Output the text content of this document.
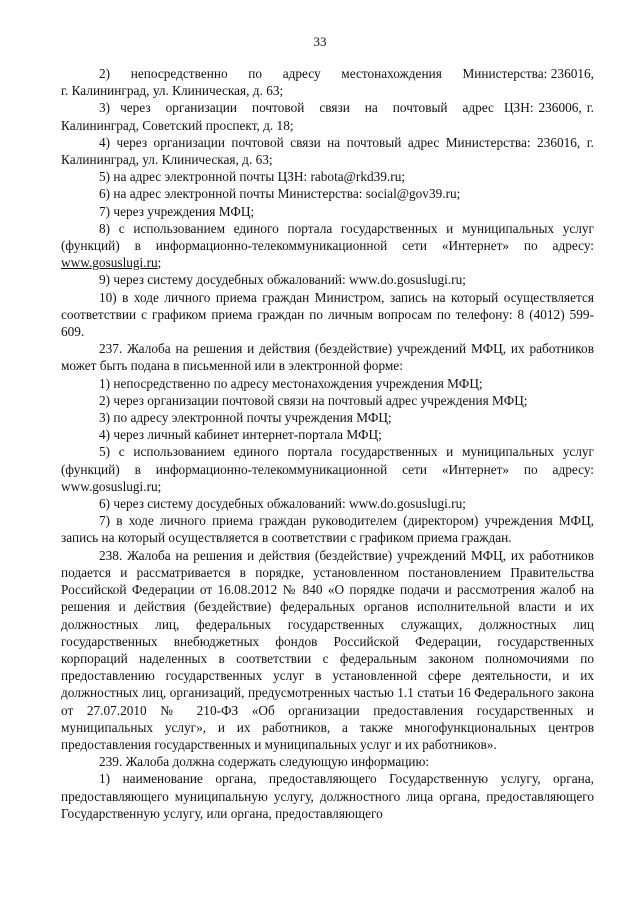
33

2)      непосредственно      по      адресу      местонахождения      Министерства: 236016, г. Калининград, ул. Клиническая, д. 63;

3)  через   организации   почтовой   связи   на   почтовый   адрес  ЦЗН: 236006, г. Калининград, Советский проспект, д. 18;

4) через организации почтовой связи на почтовый адрес Министерства: 236016, г. Калининград, ул. Клиническая, д. 63;

5) на адрес электронной почты ЦЗН: rabota@rkd39.ru;

6) на адрес электронной почты Министерства: social@gov39.ru;

7) через учреждения МФЦ;

8) с использованием единого портала государственных и муниципальных услуг (функций) в информационно-телекоммуникационной сети «Интернет» по адресу: www.gosuslugi.ru;

9) через систему досудебных обжалований: www.do.gosuslugi.ru;

10) в ходе личного приема граждан Министром, запись на который осуществляется соответствии с графиком приема граждан по личным вопросам по телефону: 8 (4012) 599-609.

237. Жалоба на решения и действия (бездействие) учреждений МФЦ, их работников может быть подана в письменной или в электронной форме:

1) непосредственно по адресу местонахождения учреждения МФЦ;

2) через организации почтовой связи на почтовый адрес учреждения МФЦ;

3) по адресу электронной почты учреждения МФЦ;

4) через личный кабинет интернет-портала МФЦ;

5) с использованием единого портала государственных и муниципальных услуг (функций) в информационно-телекоммуникационной сети «Интернет» по адресу: www.gosuslugi.ru;

6) через систему досудебных обжалований: www.do.gosuslugi.ru;

7) в ходе личного приема граждан руководителем (директором) учреждения МФЦ, запись на который осуществляется в соответствии с графиком приема граждан.

238. Жалоба на решения и действия (бездействие) учреждений МФЦ, их работников подается и рассматривается в порядке, установленном постановлением Правительства Российской Федерации от 16.08.2012 № 840 «О порядке подачи и рассмотрения жалоб на решения и действия (бездействие) федеральных органов исполнительной власти и их должностных лиц, федеральных государственных служащих, должностных лиц государственных внебюджетных фондов Российской Федерации, государственных корпораций наделенных в соответствии с федеральным законом полномочиями по предоставлению государственных услуг в установленной сфере деятельности, и их должностных лиц, организаций, предусмотренных частью 1.1 статьи 16 Федерального закона от 27.07.2010 № 210-ФЗ «Об организации предоставления государственных и муниципальных услуг», и их работников, а также многофункциональных центров предоставления государственных и муниципальных услуг и их работников».

239. Жалоба должна содержать следующую информацию:

1) наименование органа, предоставляющего Государственную услугу, органа, предоставляющего муниципальную услугу, должностного лица органа, предоставляющего Государственную услугу, или органа, предоставляющего
